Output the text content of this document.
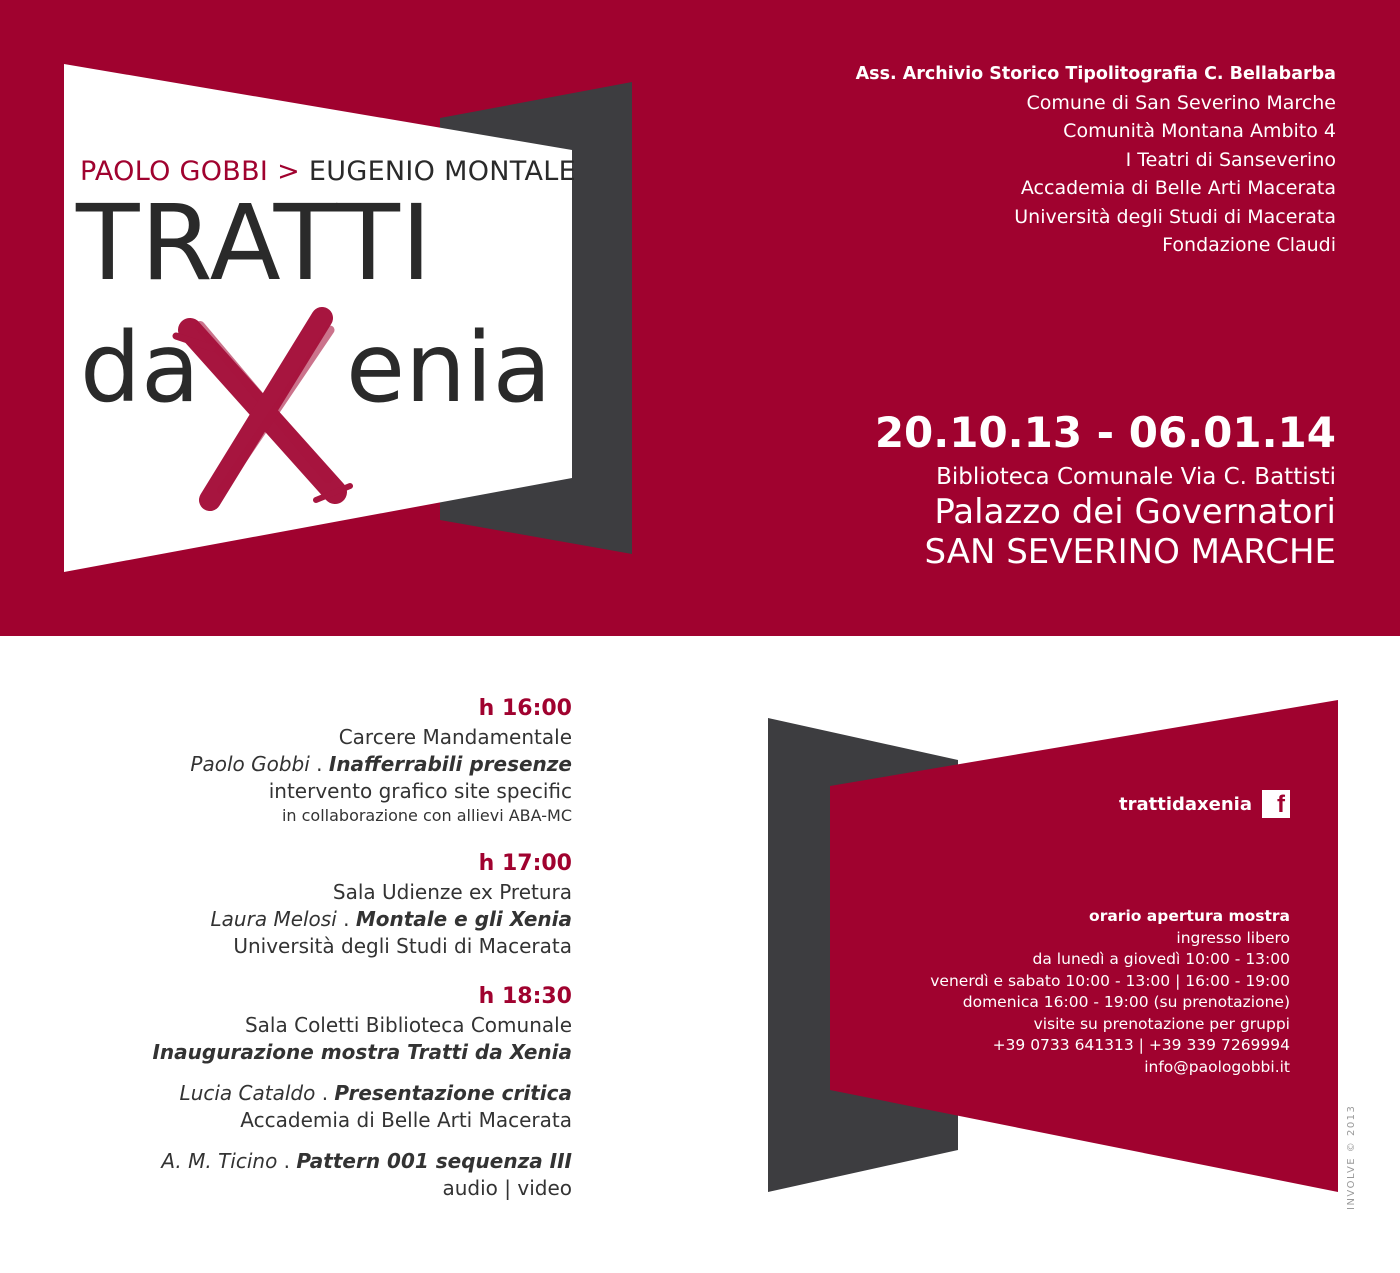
PAOLO GOBBI > EUGENIO MONTALE
TRATTI
da enia
Ass. Archivio Storico Tipolitografia C. Bellabarba
Comune di San Severino Marche
Comunità Montana Ambito 4
I Teatri di Sanseverino
Accademia di Belle Arti Macerata
Università degli Studi di Macerata
Fondazione Claudi
20.10.13 - 06.01.14
Biblioteca Comunale Via C. Battisti
Palazzo dei Governatori
SAN SEVERINO MARCHE
h 16:00
Carcere Mandamentale
Paolo Gobbi . Inafferrabili presenze
intervento grafico site specific
in collaborazione con allievi ABA-MC
h 17:00
Sala Udienze ex Pretura
Laura Melosi . Montale e gli Xenia
Università degli Studi di Macerata
h 18:30
Sala Coletti Biblioteca Comunale
Inaugurazione mostra Tratti da Xenia
Lucia Cataldo . Presentazione critica
Accademia di Belle Arti Macerata
A. M. Ticino . Pattern 001 sequenza III
audio | video
trattidaxenia	f
orario apertura mostra
ingresso libero
da lunedì a giovedì 10:00 - 13:00
venerdì e sabato 10:00 - 13:00 | 16:00 - 19:00
domenica 16:00 - 19:00 (su prenotazione)
visite su prenotazione per gruppi
+39 0733 641313 | +39 339 7269994
info@paologobbi.it
INVOLVE © 2013
